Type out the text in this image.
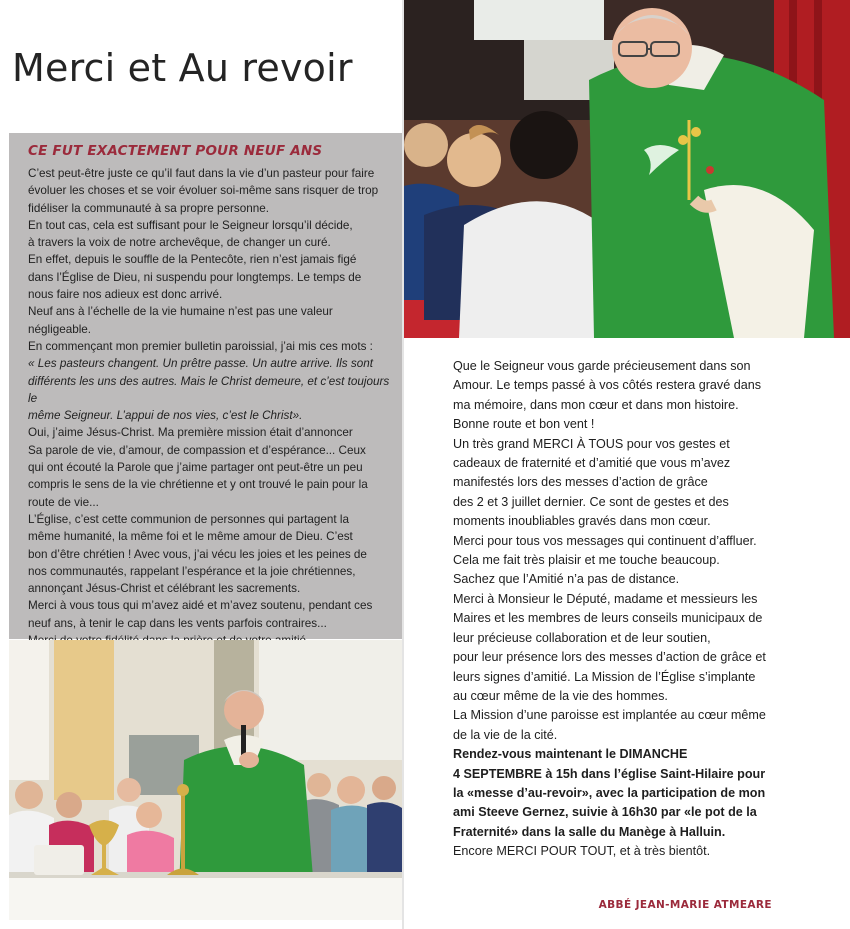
Merci et Au revoir
CE FUT EXACTEMENT POUR NEUF ANS

C’est peut-être juste ce qu’il faut dans la vie d’un pasteur pour faire
évoluer les choses et se voir évoluer soi-même sans risquer de trop
fidéliser la communauté à sa propre personne.

En tout cas, cela est suffisant pour le Seigneur lorsqu’il décide,
à travers la voix de notre archevêque, de changer un curé.

En effet, depuis le souffle de la Pentecôte, rien n’est jamais figé
dans l’Église de Dieu, ni suspendu pour longtemps. Le temps de
nous faire nos adieux est donc arrivé.

Neuf ans à l’échelle de la vie humaine n’est pas une valeur
négligeable.

En commençant mon premier bulletin paroissial, j’ai mis ces mots :

« Les pasteurs changent. Un prêtre passe. Un autre arrive. Ils sont
différents les uns des autres. Mais le Christ demeure, et c’est toujours le
même Seigneur. L’appui de nos vies, c’est le Christ».

Oui, j’aime Jésus-Christ. Ma première mission était d’annoncer
Sa parole de vie, d’amour, de compassion et d’espérance... Ceux
qui ont écouté la Parole que j’aime partager ont peut-être un peu
compris le sens de la vie chrétienne et y ont trouvé le pain pour la
route de vie...

L’Église, c’est cette communion de personnes qui partagent la
même humanité, la même foi et le même amour de Dieu. C’est
bon d’être chrétien ! Avec vous, j’ai vécu les joies et les peines de
nos communautés, rappelant l’espérance et la joie chrétiennes,
annonçant Jésus-Christ et célébrant les sacrements.

Merci à vous tous qui m’avez aidé et m’avez soutenu, pendant ces
neuf ans, à tenir le cap dans les vents parfois contraires...

Que le Seigneur vous garde précieusement dans son
Amour. Le temps passé à vos côtés restera gravé dans
ma mémoire, dans mon cœur et dans mon histoire.

Bonne route et bon vent !

Un très grand MERCI À TOUS pour vos gestes et
cadeaux de fraternité et d’amitié que vous m’avez
manifestés lors des messes d’action de grâce
des 2 et 3 juillet dernier. Ce sont de gestes et des
moments inoubliables gravés dans mon cœur.

Merci pour tous vos messages qui continuent d’affluer.
Cela me fait très plaisir et me touche beaucoup.

Sachez que l’Amitié n’a pas de distance.

Merci à Monsieur le Député, madame et messieurs les
Maires et les membres de leurs conseils municipaux de
leur précieuse collaboration et de leur soutien,
pour leur présence lors des messes d’action de grâce et
leurs signes d’amitié. La Mission de l’Église s’implante
au cœur même de la vie des hommes.

La Mission d’une paroisse est implantée au cœur même
de la vie de la cité.

Rendez-vous maintenant le DIMANCHE
4 SEPTEMBRE à 15h dans l’église Saint-Hilaire pour
la «messe d’au-revoir», avec la participation de mon
ami Steeve Gernez, suivie à 16h30 par «le pot de la
Fraternité» dans la salle du Manège à Halluin.

Encore MERCI POUR TOUT, et à très bientôt.

ABBÉ JEAN-MARIE ATMEARE
